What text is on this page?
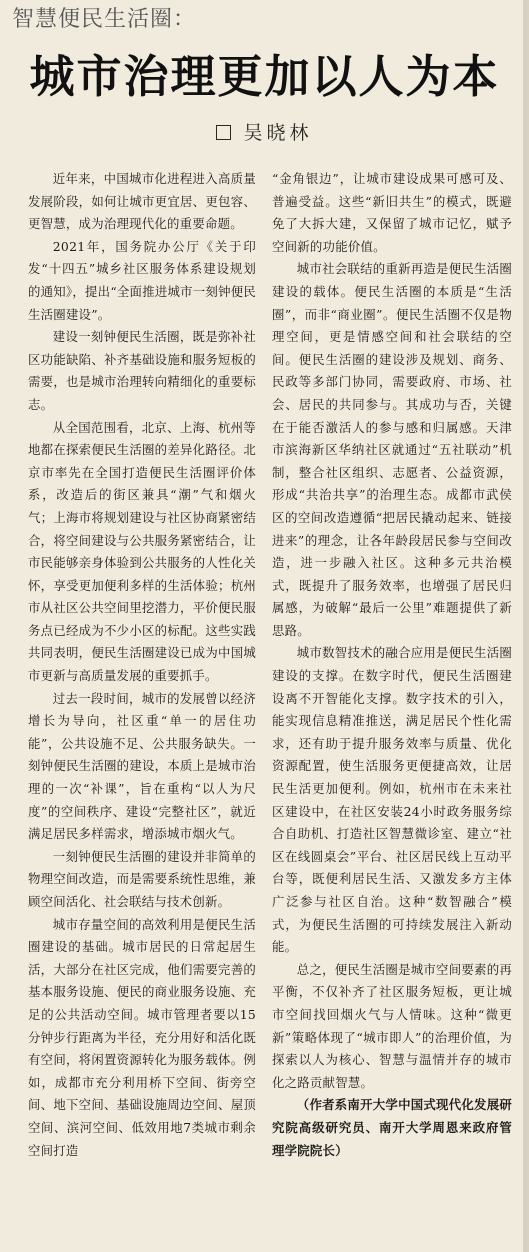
智慧便民生活圈：
城市治理更加以人为本
吴晓林

近年来，中国城市化进程进入高质量发展阶段，如何让城市更宜居、更包容、更智慧，成为治理现代化的重要命题。

2021年，国务院办公厅《关于印发“十四五”城乡社区服务体系建设规划的通知》，提出“全面推进城市一刻钟便民生活圈建设”。

建设一刻钟便民生活圈，既是弥补社区功能缺陷、补齐基础设施和服务短板的需要，也是城市治理转向精细化的重要标志。

从全国范围看，北京、上海、杭州等地都在探索便民生活圈的差异化路径。北京市率先在全国打造便民生活圈评价体系，改造后的街区兼具“潮”气和烟火气；上海市将规划建设与社区协商紧密结合，将空间建设与公共服务紧密结合，让市民能够亲身体验到公共服务的人性化关怀，享受更加便利多样的生活体验；杭州市从社区公共空间里挖潜力，平价便民服务点已经成为不少小区的标配。这些实践共同表明，便民生活圈建设已成为中国城市更新与高质量发展的重要抓手。

过去一段时间，城市的发展曾以经济增长为导向，社区重“单一的居住功能”，公共设施不足、公共服务缺失。一刻钟便民生活圈的建设，本质上是城市治理的一次“补课”，旨在重构“以人为尺度”的空间秩序、建设“完整社区”，就近满足居民多样需求，增添城市烟火气。

一刻钟便民生活圈的建设并非简单的物理空间改造，而是需要系统性思维，兼顾空间活化、社会联结与技术创新。

城市存量空间的高效利用是便民生活圈建设的基础。城市居民的日常起居生活，大部分在社区完成，他们需要完善的基本服务设施、便民的商业服务设施、充足的公共活动空间。城市管理者要以15分钟步行距离为半径，充分用好和活化既有空间，将闲置资源转化为服务载体。例如，成都市充分利用桥下空间、街旁空间、地下空间、基础设施周边空间、屋顶空间、滨河空间、低效用地7类城市剩余空间打造

“金角银边”，让城市建设成果可感可及、普遍受益。这些“新旧共生”的模式，既避免了大拆大建，又保留了城市记忆，赋予空间新的功能价值。

城市社会联结的重新再造是便民生活圈建设的载体。便民生活圈的本质是“生活圈”，而非“商业圈”。便民生活圈不仅是物理空间，更是情感空间和社会联结的空间。便民生活圈的建设涉及规划、商务、民政等多部门协同，需要政府、市场、社会、居民的共同参与。其成功与否，关键在于能否激活人的参与感和归属感。天津市滨海新区华纳社区就通过“五社联动”机制，整合社区组织、志愿者、公益资源，形成“共治共享”的治理生态。成都市武侯区的空间改造遵循“把居民撬动起来、链接进来”的理念，让各年龄段居民参与空间改造，进一步融入社区。这种多元共治模式，既提升了服务效率，也增强了居民归属感，为破解“最后一公里”难题提供了新思路。

城市数智技术的融合应用是便民生活圈建设的支撑。在数字时代，便民生活圈建设离不开智能化支撑。数字技术的引入，能实现信息精准推送，满足居民个性化需求，还有助于提升服务效率与质量、优化资源配置，使生活服务更便捷高效，让居民生活更加便利。例如，杭州市在未来社区建设中，在社区安装24小时政务服务综合自助机、打造社区智慧微诊室、建立“社区在线圆桌会”平台、社区居民线上互动平台等，既便利居民生活、又激发多方主体广泛参与社区自治。这种“数智融合”模式，为便民生活圈的可持续发展注入新动能。

总之，便民生活圈是城市空间要素的再平衡，不仅补齐了社区服务短板，更让城市空间找回烟火气与人情味。这种“微更新”策略体现了“城市即人”的治理价值，为探索以人为核心、智慧与温情并存的城市化之路贡献智慧。

（作者系南开大学中国式现代化发展研究院高级研究员、南开大学周恩来政府管理学院院长）
